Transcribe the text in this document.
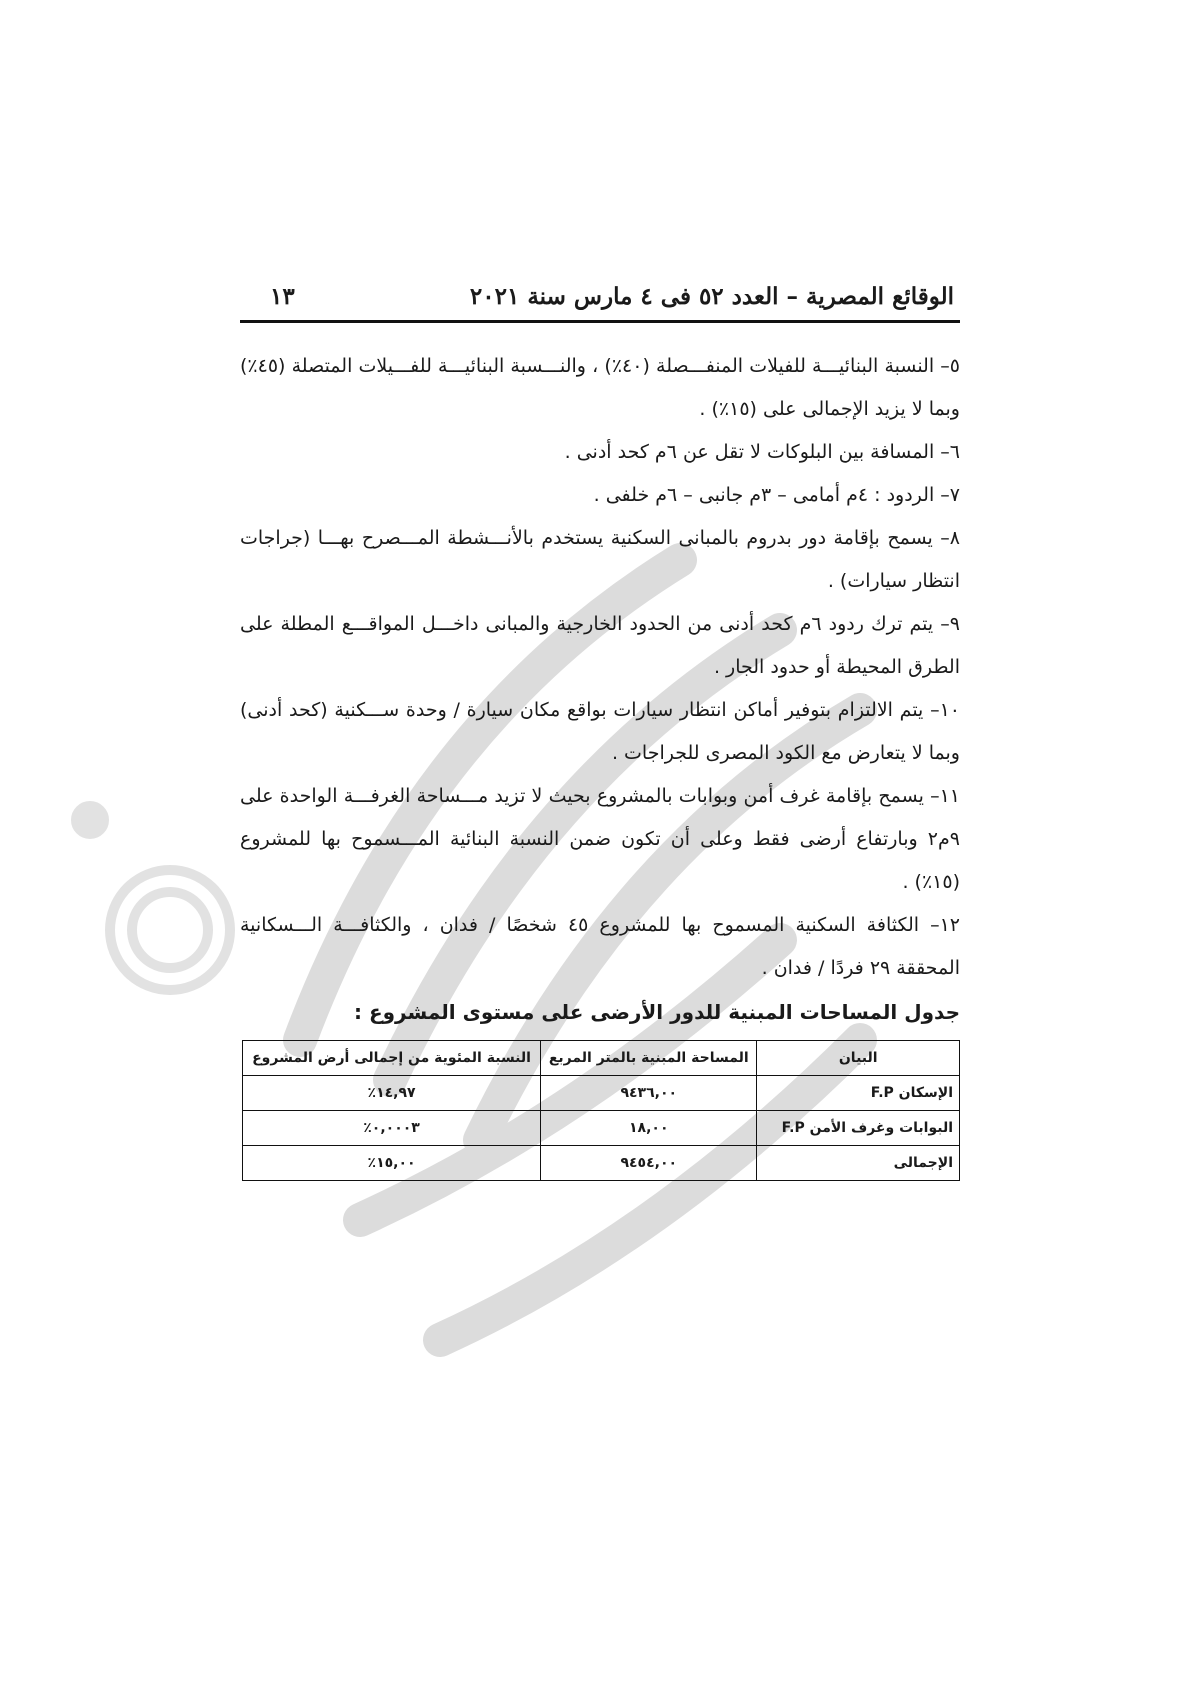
الوقائع المصرية – العدد ٥٢ فى ٤ مارس سنة ٢٠٢١
١٣

٥– النسبة البنائيـــة للفيلات المنفـــصلة (٤٠٪) ، والنـــسبة البنائيـــة للفـــيلات المتصلة (٤٥٪) وبما لا يزيد الإجمالى على (١٥٪) .

٦– المسافة بين البلوكات لا تقل عن ٦م كحد أدنى .

٧– الردود : ٤م أمامى – ٣م جانبى – ٦م خلفى .

٨– يسمح بإقامة دور بدروم بالمبانى السكنية يستخدم بالأنـــشطة المـــصرح بهـــا (جراجات انتظار سيارات) .

٩– يتم ترك ردود ٦م كحد أدنى من الحدود الخارجية والمبانى داخـــل المواقـــع المطلة على الطرق المحيطة أو حدود الجار .

١٠– يتم الالتزام بتوفير أماكن انتظار سيارات بواقع مكان سيارة / وحدة ســـكنية (كحد أدنى) وبما لا يتعارض مع الكود المصرى للجراجات .

١١– يسمح بإقامة غرف أمن وبوابات بالمشروع بحيث لا تزيد مـــساحة الغرفـــة الواحدة على ٩م٢ وبارتفاع أرضى فقط وعلى أن تكون ضمن النسبة البنائية المـــسموح بها للمشروع (١٥٪) .

١٢– الكثافة السكنية المسموح بها للمشروع ٤٥ شخصًا / فدان ، والكثافـــة الـــسكانية المحققة ٢٩ فردًا / فدان .

جدول المساحات المبنية للدور الأرضى على مستوى المشروع :
البيان	المساحة المبنية بالمتر المربع	النسبة المئوية من إجمالى أرض المشروع
الإسكان F.P	٩٤٣٦,٠٠	١٤,٩٧٪
البوابات وغرف الأمن F.P	١٨,٠٠	٠,٠٠٠٣٪
الإجمالى	٩٤٥٤,٠٠	١٥,٠٠٪
